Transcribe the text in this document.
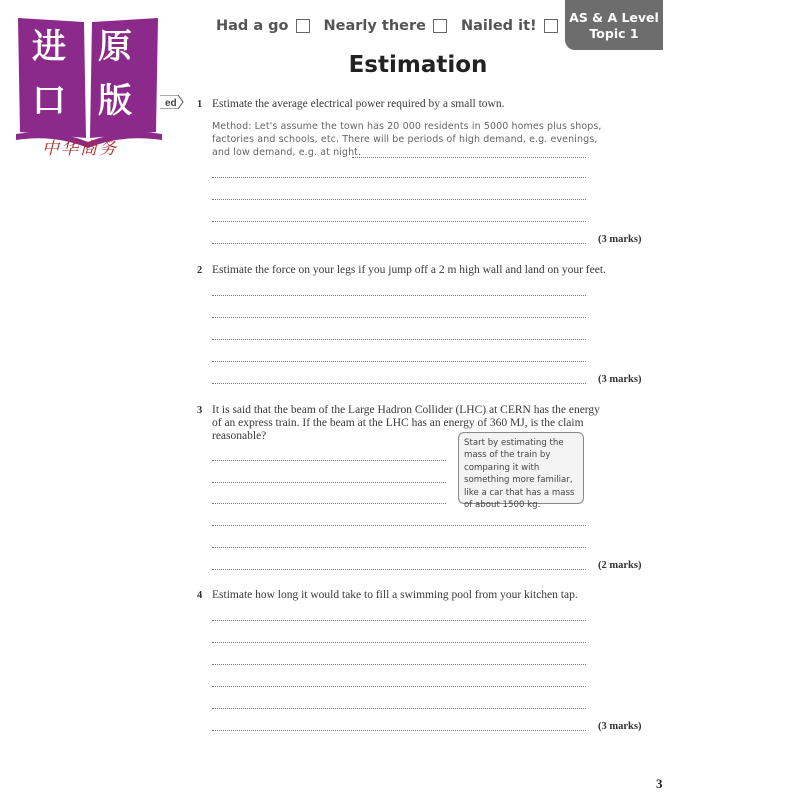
进 原
口 版
中华商务
Had a go Nearly there Nailed it!
AS & A Level
Topic 1
Estimation
ed 1 Estimate the average electrical power required by a small town.
Method: Let's assume the town has 20 000 residents in 5000 homes plus shops,
factories and schools, etc. There will be periods of high demand, e.g. evenings,
and low demand, e.g. at night.
(3 marks)
2 Estimate the force on your legs if you jump off a 2 m high wall and land on your feet.
(3 marks)
3 It is said that the beam of the Large Hadron Collider (LHC) at CERN has the energy
of an express train. If the beam at the LHC has an energy of 360 MJ, is the claim
reasonable?
(2 marks)
Start by estimating the mass of the train by comparing it with something more familiar, like a car that has a mass of about 1500 kg.
4 Estimate how long it would take to fill a swimming pool from your kitchen tap.
(3 marks)
3
